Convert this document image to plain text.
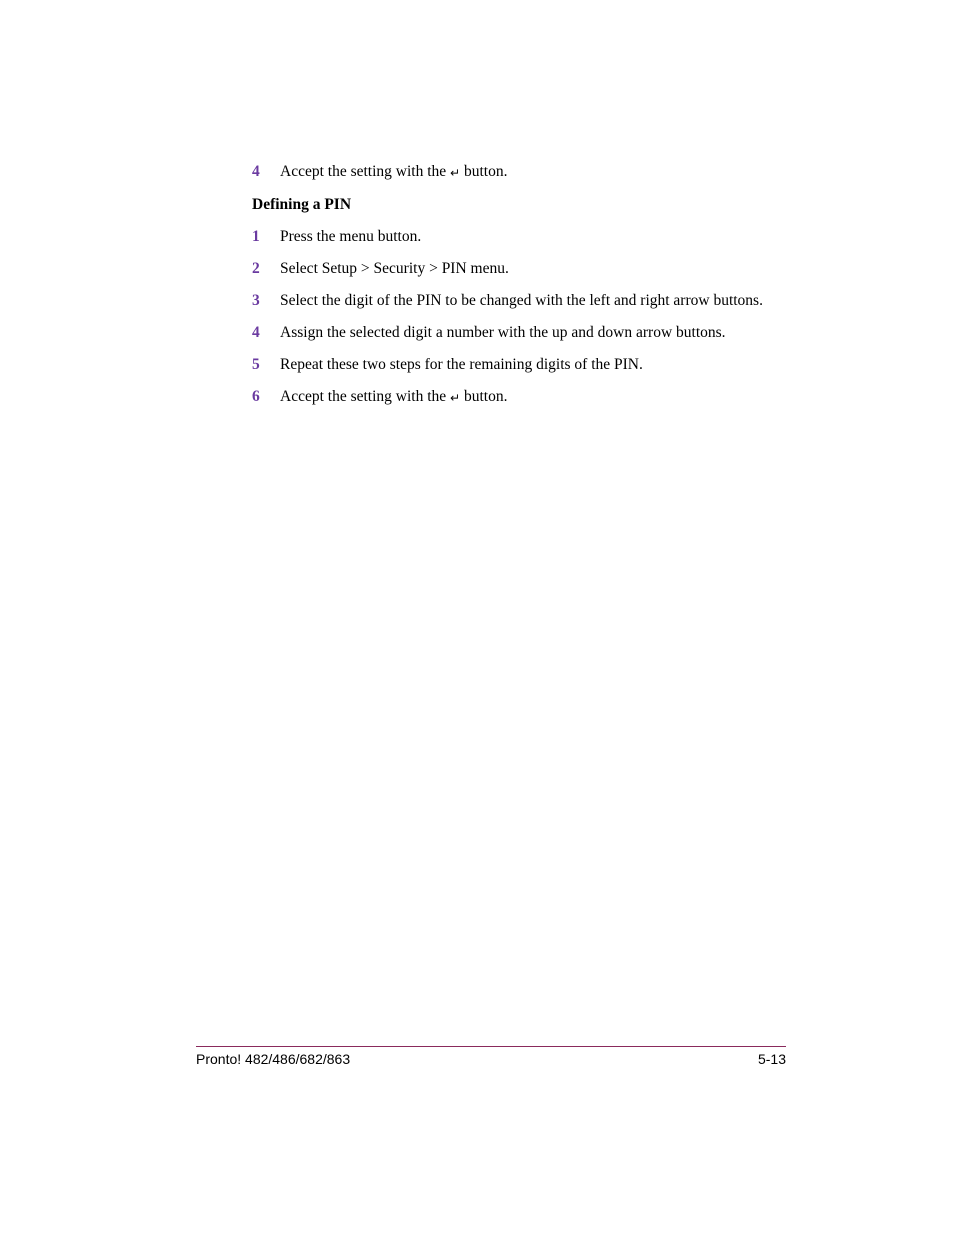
4	Accept the setting with the ↵ button.
Defining a PIN
1	Press the menu button.
2	Select Setup > Security > PIN menu.
3	Select the digit of the PIN to be changed with the left and right arrow buttons.
4	Assign the selected digit a number with the up and down arrow buttons.
5	Repeat these two steps for the remaining digits of the PIN.
6	Accept the setting with the ↵ button.
Pronto! 482/486/682/863	5-13
